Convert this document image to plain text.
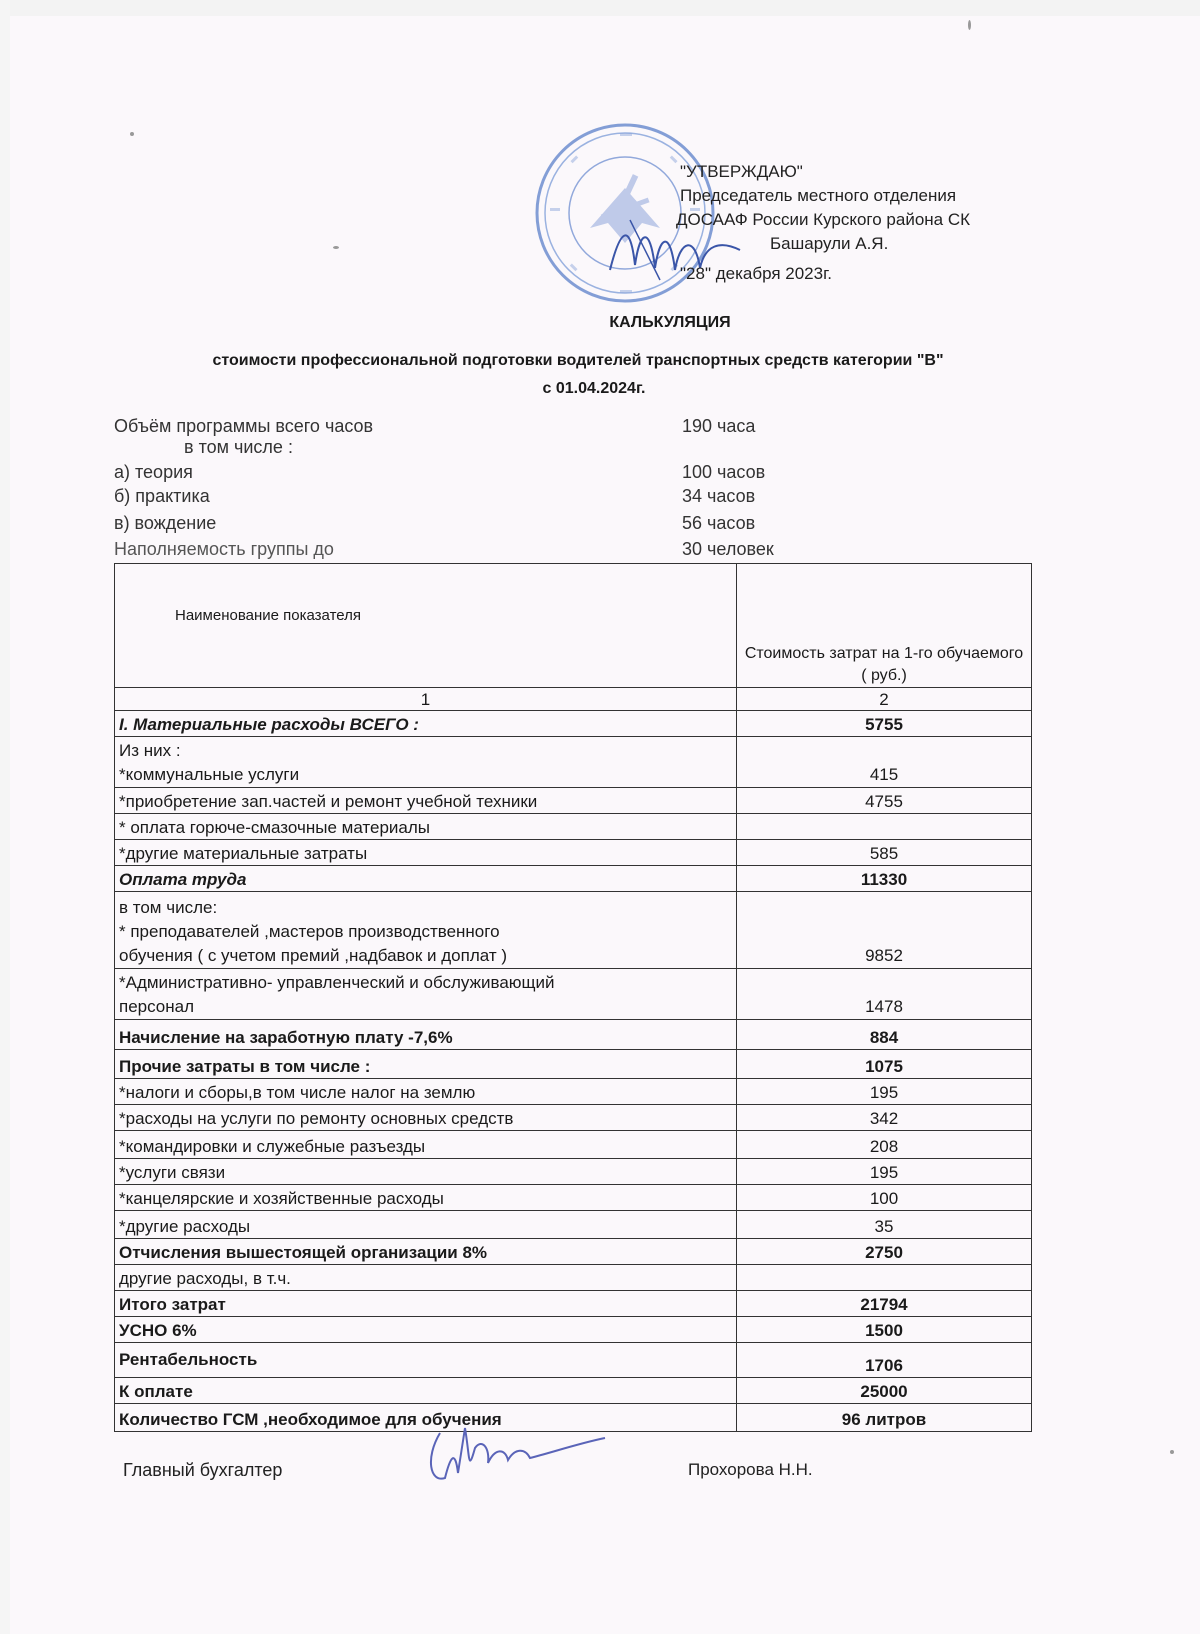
"УТВЕРЖДАЮ"
Председатель местного отделения
ДОСААФ России Курского района СК
Башарули А.Я.
"28" декабря 2023г.
КАЛЬКУЛЯЦИЯ
стоимости профессиональной подготовки водителей транспортных средств категории "В"
с 01.04.2024г.
Объём программы всего часов	190 часа
в том числе :
а) теория	100 часов
б) практика	34 часов
в) вождение	56 часов
Наполняемость группы до	30 человек
Наименование показателя	Стоимость затрат на 1-го обучаемого ( руб.)
1	2
I. Материальные расходы ВСЕГО :	5755

Из них :
*коммунальные услуги	415
*приобретение зап.частей и ремонт учебной техники	4755
* оплата горюче-смазочные материалы	
*другие материальные затраты	585
Оплата труда	11330

в том числе:
* преподавателей ,мастеров производственного
обучения ( с учетом премий ,надбавок и доплат )	9852

*Административно- управленческий и обслуживающий
персонал	1478
Начисление на заработную плату -7,6%	884
Прочие затраты в том числе :	1075
*налоги и сборы,в том числе налог на землю	195
*расходы на услуги по ремонту основных средств	342
*командировки и служебные разъезды	208
*услуги связи	195
*канцелярские и хозяйственные расходы	100
*другие расходы	35
Отчисления вышестоящей организации 8%	2750
другие расходы, в т.ч.	
Итого затрат	21794
УСНО 6%	1500
Рентабельность	1706
К оплате	25000
Количество ГСМ ,необходимое для обучения	96 литров
Главный бухгалтер	Прохорова Н.Н.
